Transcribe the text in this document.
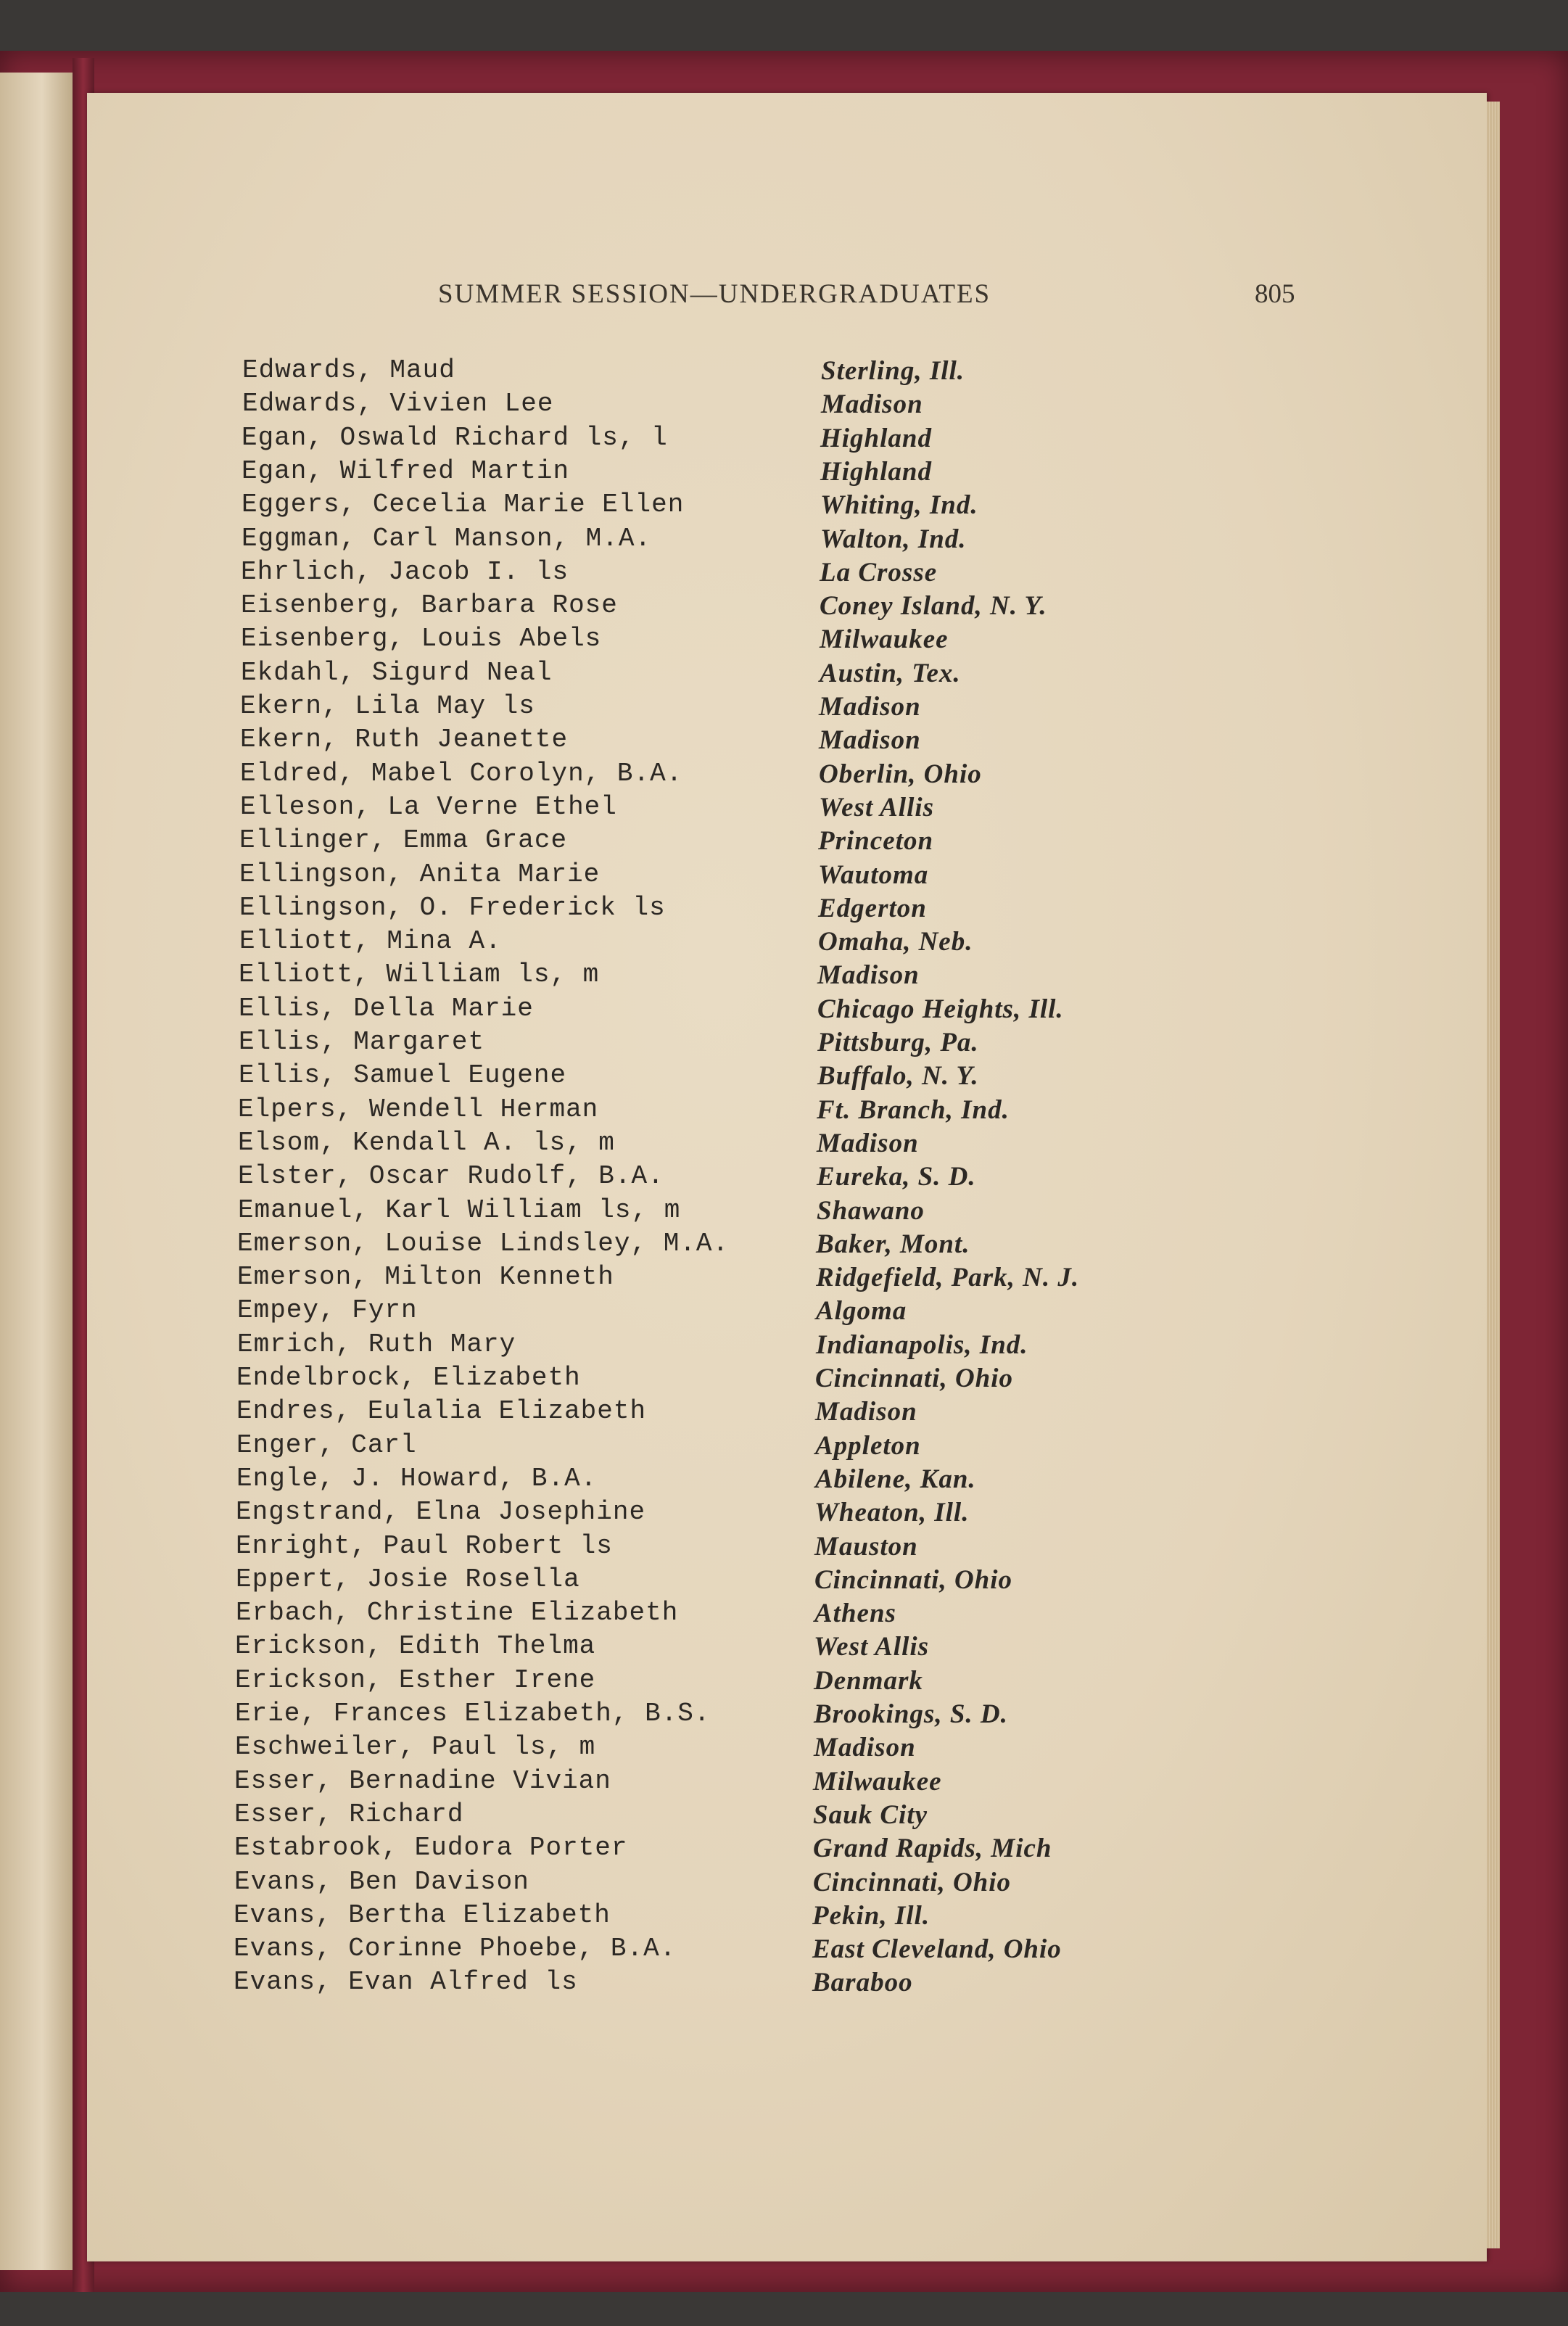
SUMMER SESSION—UNDERGRADUATES	805
Edwards, Maud	Sterling, Ill.
Edwards, Vivien Lee	Madison
Egan, Oswald Richard ls, l	Highland
Egan, Wilfred Martin	Highland
Eggers, Cecelia Marie Ellen	Whiting, Ind.
Eggman, Carl Manson, M.A.	Walton, Ind.
Ehrlich, Jacob I. ls	La Crosse
Eisenberg, Barbara Rose	Coney Island, N. Y.
Eisenberg, Louis Abels	Milwaukee
Ekdahl, Sigurd Neal	Austin, Tex.
Ekern, Lila May ls	Madison
Ekern, Ruth Jeanette	Madison
Eldred, Mabel Corolyn, B.A.	Oberlin, Ohio
Elleson, La Verne Ethel	West Allis
Ellinger, Emma Grace	Princeton
Ellingson, Anita Marie	Wautoma
Ellingson, O. Frederick ls	Edgerton
Elliott, Mina A.	Omaha, Neb.
Elliott, William ls, m	Madison
Ellis, Della Marie	Chicago Heights, Ill.
Ellis, Margaret	Pittsburg, Pa.
Ellis, Samuel Eugene	Buffalo, N. Y.
Elpers, Wendell Herman	Ft. Branch, Ind.
Elsom, Kendall A. ls, m	Madison
Elster, Oscar Rudolf, B.A.	Eureka, S. D.
Emanuel, Karl William ls, m	Shawano
Emerson, Louise Lindsley, M.A.	Baker, Mont.
Emerson, Milton Kenneth	Ridgefield, Park, N. J.
Empey, Fyrn	Algoma
Emrich, Ruth Mary	Indianapolis, Ind.
Endelbrock, Elizabeth	Cincinnati, Ohio
Endres, Eulalia Elizabeth	Madison
Enger, Carl	Appleton
Engle, J. Howard, B.A.	Abilene, Kan.
Engstrand, Elna Josephine	Wheaton, Ill.
Enright, Paul Robert ls	Mauston
Eppert, Josie Rosella	Cincinnati, Ohio
Erbach, Christine Elizabeth	Athens
Erickson, Edith Thelma	West Allis
Erickson, Esther Irene	Denmark
Erie, Frances Elizabeth, B.S.	Brookings, S. D.
Eschweiler, Paul ls, m	Madison
Esser, Bernadine Vivian	Milwaukee
Esser, Richard	Sauk City
Estabrook, Eudora Porter	Grand Rapids, Mich
Evans, Ben Davison	Cincinnati, Ohio
Evans, Bertha Elizabeth	Pekin, Ill.
Evans, Corinne Phoebe, B.A.	East Cleveland, Ohio
Evans, Evan Alfred ls	Baraboo
